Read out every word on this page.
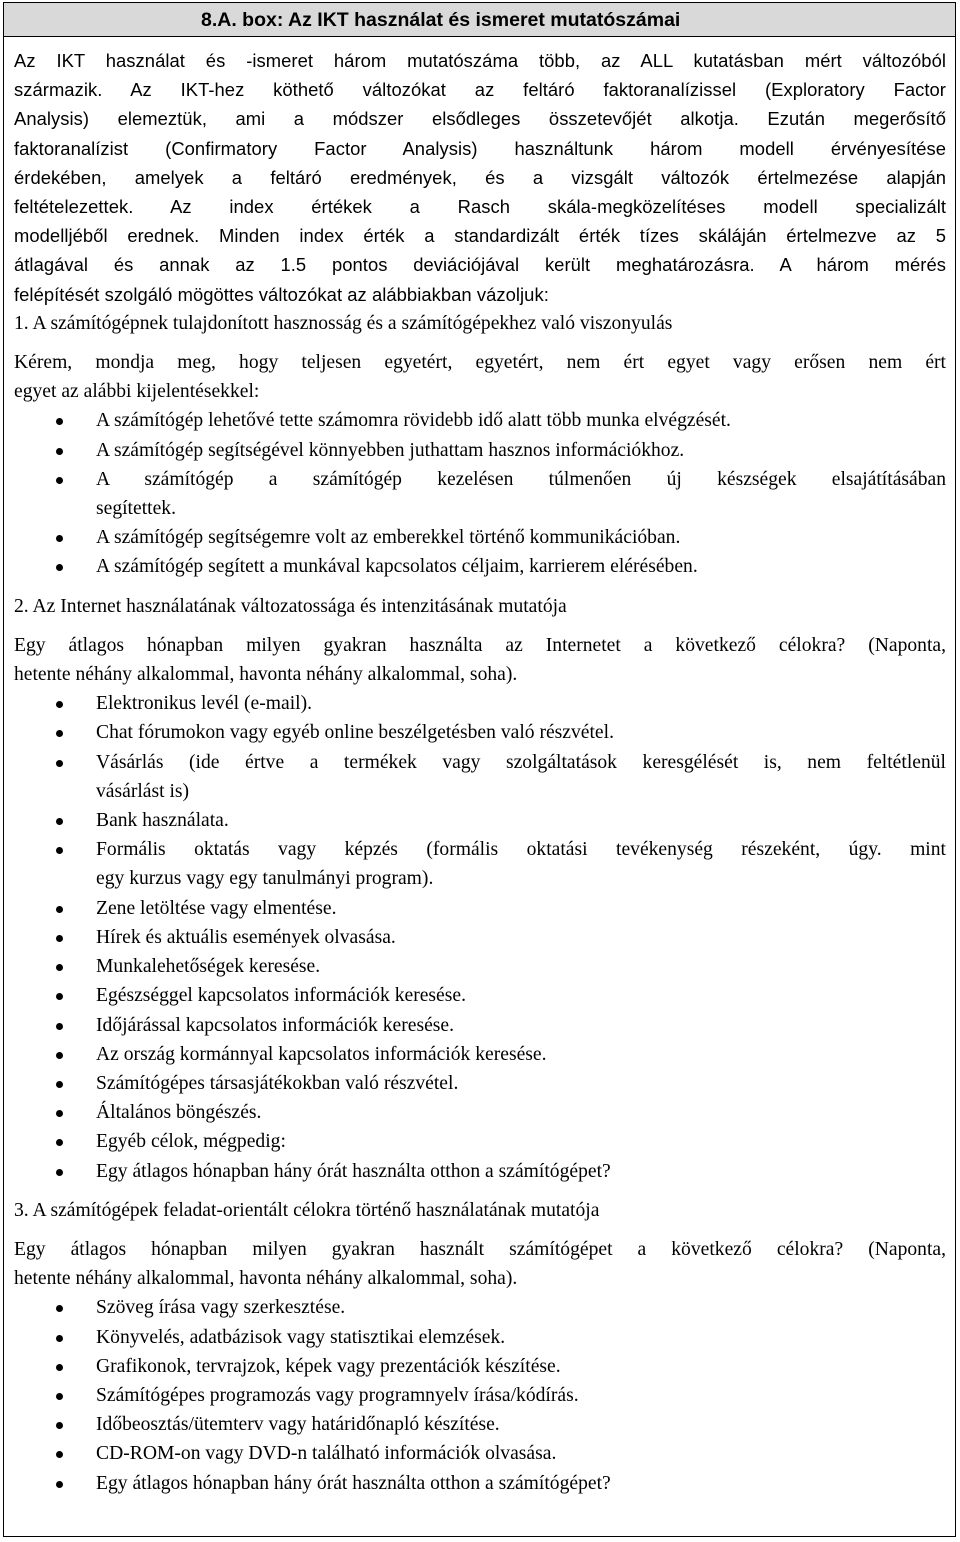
8.A. box: Az IKT használat és ismeret mutatószámai
Az IKT használat és -ismeret három mutatószáma több, az ALL kutatásban mért változóból
származik. Az IKT-hez köthető változókat az feltáró faktoranalízissel (Exploratory Factor
Analysis) elemeztük, ami a módszer elsődleges összetevőjét alkotja. Ezután megerősítő
faktoranalízist (Confirmatory Factor Analysis) használtunk három modell érvényesítése
érdekében, amelyek a feltáró eredmények, és a vizsgált változók értelmezése alapján
feltételezettek. Az index értékek a Rasch skála-megközelítéses modell specializált
modelljéből erednek. Minden index érték a standardizált érték tízes skáláján értelmezve az 5
átlagával és annak az 1.5 pontos deviációjával került meghatározásra. A három mérés
felépítését szolgáló mögöttes változókat az alábbiakban vázoljuk:

1. A számítógépnek tulajdonított hasznosság és a számítógépekhez való viszonyulás

Kérem, mondja meg, hogy teljesen egyetért, egyetért, nem ért egyet vagy erősen nem ért
egyet az alábbi kijelentésekkel:
A számítógép lehetővé tette számomra rövidebb idő alatt több munka elvégzését.
A számítógép segítségével könnyebben juthattam hasznos információkhoz.
A számítógép a számítógép kezelésen túlmenően új készségek elsajátításában
segítettek.
A számítógép segítségemre volt az emberekkel történő kommunikációban.
A számítógép segített a munkával kapcsolatos céljaim, karrierem elérésében.

2. Az Internet használatának változatossága és intenzitásának mutatója

Egy átlagos hónapban milyen gyakran használta az Internetet a következő célokra? (Naponta,
hetente néhány alkalommal, havonta néhány alkalommal, soha).
Elektronikus levél (e-mail).
Chat fórumokon vagy egyéb online beszélgetésben való részvétel.
Vásárlás (ide értve a termékek vagy szolgáltatások keresgélését is, nem feltétlenül
vásárlást is)
Bank használata.
Formális oktatás vagy képzés (formális oktatási tevékenység részeként, úgy. mint
egy kurzus vagy egy tanulmányi program).
Zene letöltése vagy elmentése.
Hírek és aktuális események olvasása.
Munkalehetőségek keresése.
Egészséggel kapcsolatos információk keresése.
Időjárással kapcsolatos információk keresése.
Az ország kormánnyal kapcsolatos információk keresése.
Számítógépes társasjátékokban való részvétel.
Általános böngészés.
Egyéb célok, mégpedig:
Egy átlagos hónapban hány órát használta otthon a számítógépet?

3. A számítógépek feladat-orientált célokra történő használatának mutatója

Egy átlagos hónapban milyen gyakran használt számítógépet a következő célokra? (Naponta,
hetente néhány alkalommal, havonta néhány alkalommal, soha).
Szöveg írása vagy szerkesztése.
Könyvelés, adatbázisok vagy statisztikai elemzések.
Grafikonok, tervrajzok, képek vagy prezentációk készítése.
Számítógépes programozás vagy programnyelv írása/kódírás.
Időbeosztás/ütemterv vagy határidőnapló készítése.
CD-ROM-on vagy DVD-n található információk olvasása.
Egy átlagos hónapban hány órát használta otthon a számítógépet?
